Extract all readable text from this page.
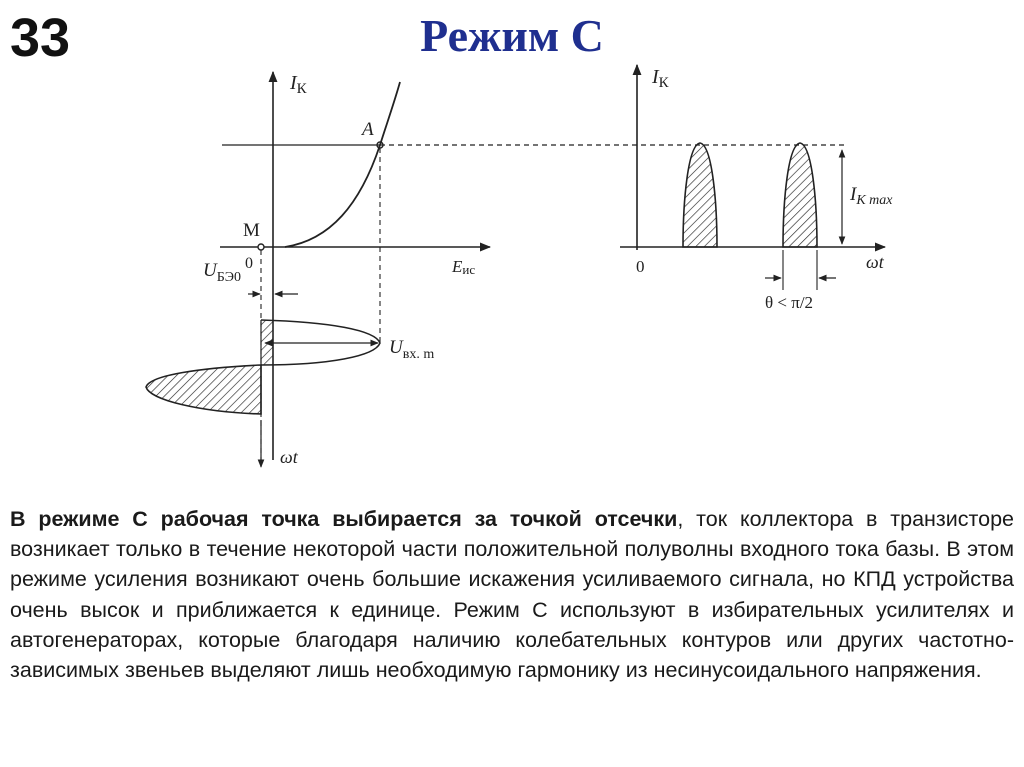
33	Режим С
$I_К$
Eис
A
M
$U_{БЭ0}$
0
$U_{вх. m}$
ωt
$I_К$
0	ωt
$I_{К max}$
θ < π/2

В режиме С рабочая точка выбирается за точкой отсечки, ток коллектора в транзисторе возникает только в течение некоторой части положительной полуволны входного тока базы. В этом режиме усиления возникают очень большие искажения усиливаемого сигнала, но КПД устройства очень высок и приближается к единице. Режим С используют в избирательных усилителях и автогенераторах, которые благодаря наличию колебательных контуров или других частотно-зависимых звеньев выделяют лишь необходимую гармонику из несинусоидального напряжения.
